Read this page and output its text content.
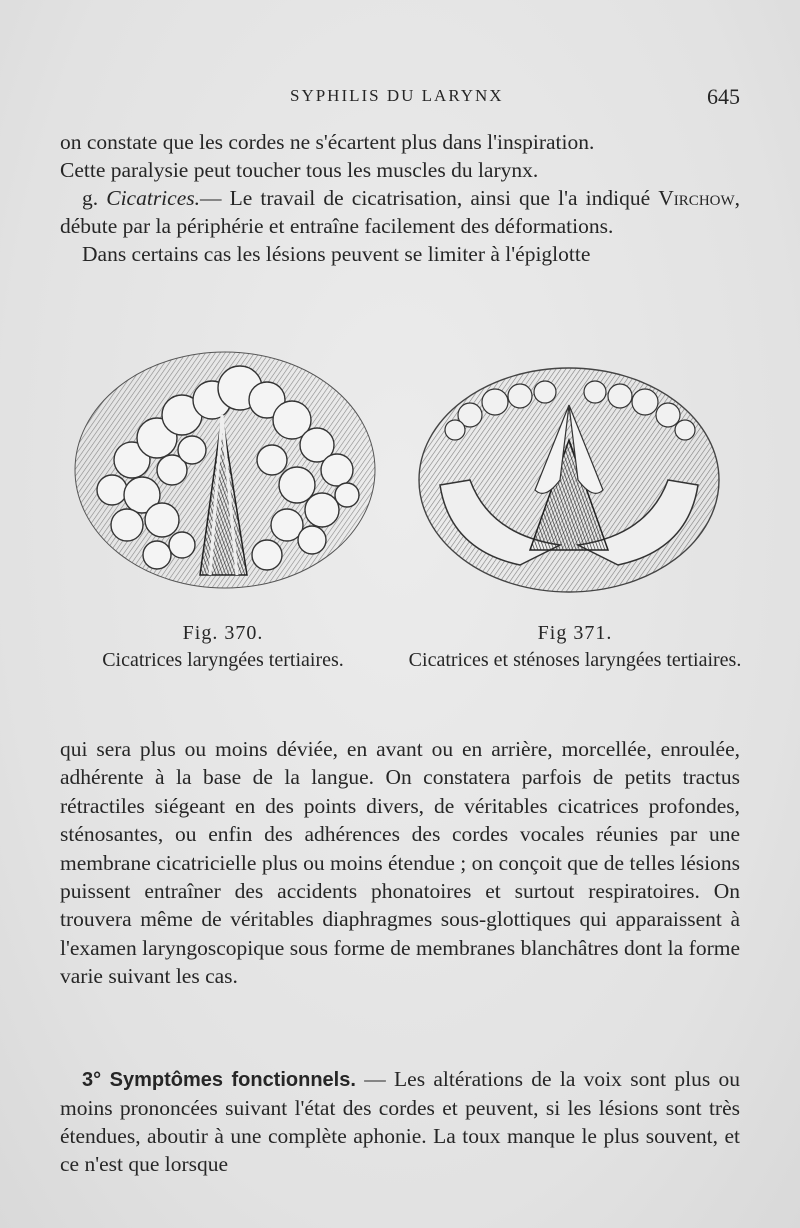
SYPHILIS DU LARYNX	645

on constate que les cordes ne s'écartent plus dans l'inspiration.

Cette paralysie peut toucher tous les muscles du larynx.

g. Cicatrices.— Le travail de cicatrisation, ainsi que l'a indiqué Virchow, débute par la périphérie et entraîne facilement des déformations.

Dans certains cas les lésions peuvent se limiter à l'épiglotte

Fig. 370.
Cicatrices laryngées tertiaires.
Fig 371.
Cicatrices et sténoses laryngées tertiaires.

qui sera plus ou moins déviée, en avant ou en arrière, morcellée, enroulée, adhérente à la base de la langue. On constatera parfois de petits tractus rétractiles siégeant en des points divers, de véritables cicatrices profondes, sténosantes, ou enfin des adhérences des cordes vocales réunies par une membrane cicatricielle plus ou moins étendue ; on conçoit que de telles lésions puissent entraîner des accidents phonatoires et surtout respiratoires. On trouvera même de véritables diaphragmes sous-glottiques qui apparaissent à l'examen laryngoscopique sous forme de membranes blanchâtres dont la forme varie suivant les cas.

3° Symptômes fonctionnels. — Les altérations de la voix sont plus ou moins prononcées suivant l'état des cordes et peuvent, si les lésions sont très étendues, aboutir à une complète aphonie. La toux manque le plus souvent, et ce n'est que lorsque
